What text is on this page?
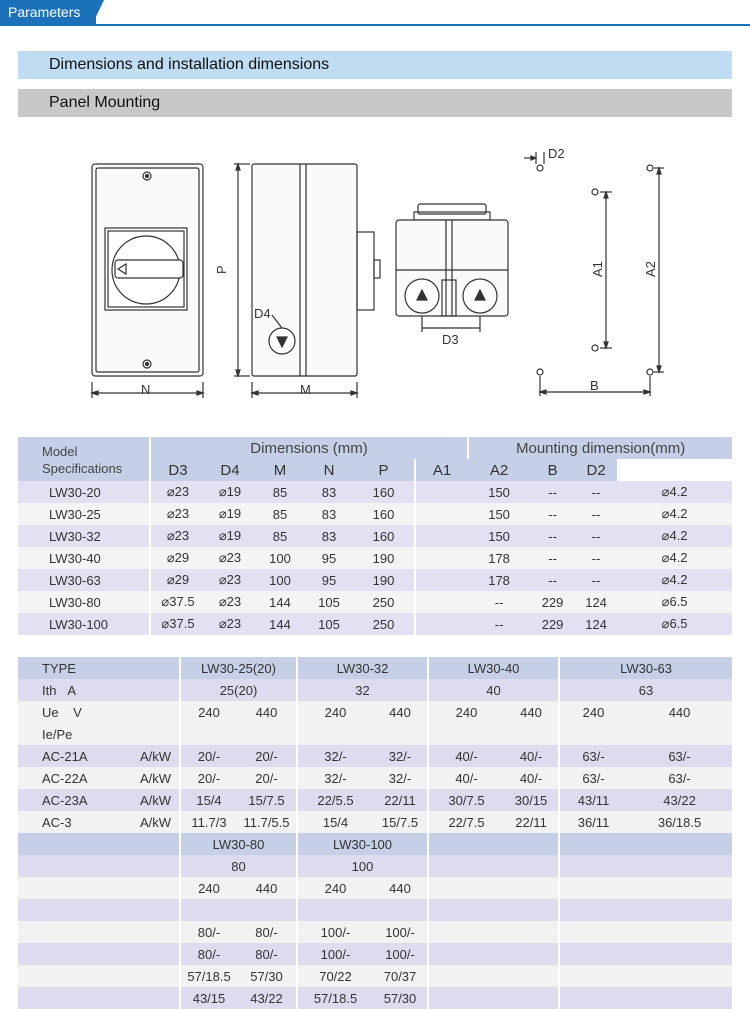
Parameters
Dimensions and installation dimensions
Panel Mounting
N	M
P
D4
D3
D2
A1	A2
B
Model
Specifications	Dimensions (mm)						Mounting dimension(mm)			
	D3	D4	M	N	P	A1	A2	B	D2	
LW30-20	⌀23	⌀19	85	83	160		150	--	--	⌀4.2
LW30-25	⌀23	⌀19	85	83	160		150	--	--	⌀4.2
LW30-32	⌀23	⌀19	85	83	160		150	--	--	⌀4.2
LW30-40	⌀29	⌀23	100	95	190		178	--	--	⌀4.2
LW30-63	⌀29	⌀23	100	95	190		178	--	--	⌀4.2
LW30-80	⌀37.5	⌀23	144	105	250		--	229	124	⌀6.5
LW30-100	⌀37.5	⌀23	144	105	250		--	229	124	⌀6.5
TYPE		LW30-25(20)		LW30-32		LW30-40		LW30-63	
Ith A		25(20)		32		40		63	
Ue V		240	440	240	440	240	440	240	440
Ie/Pe									
AC-21A	A/kW	20/-	20/-	32/-	32/-	40/-	40/-	63/-	63/-
AC-22A	A/kW	20/-	20/-	32/-	32/-	40/-	40/-	63/-	63/-
AC-23A	A/kW	15/4	15/7.5	22/5.5	22/11	30/7.5	30/15	43/11	43/22
AC-3	A/kW	11.7/3	11.7/5.5	15/4	15/7.5	22/7.5	22/11	36/11	36/18.5
		LW30-80		LW30-100					
		80		100					
		240	440	240	440				

		80/-	80/-	100/-	100/-				
		80/-	80/-	100/-	100/-				
		57/18.5	57/30	70/22	70/37				
		43/15	43/22	57/18.5	57/30				
